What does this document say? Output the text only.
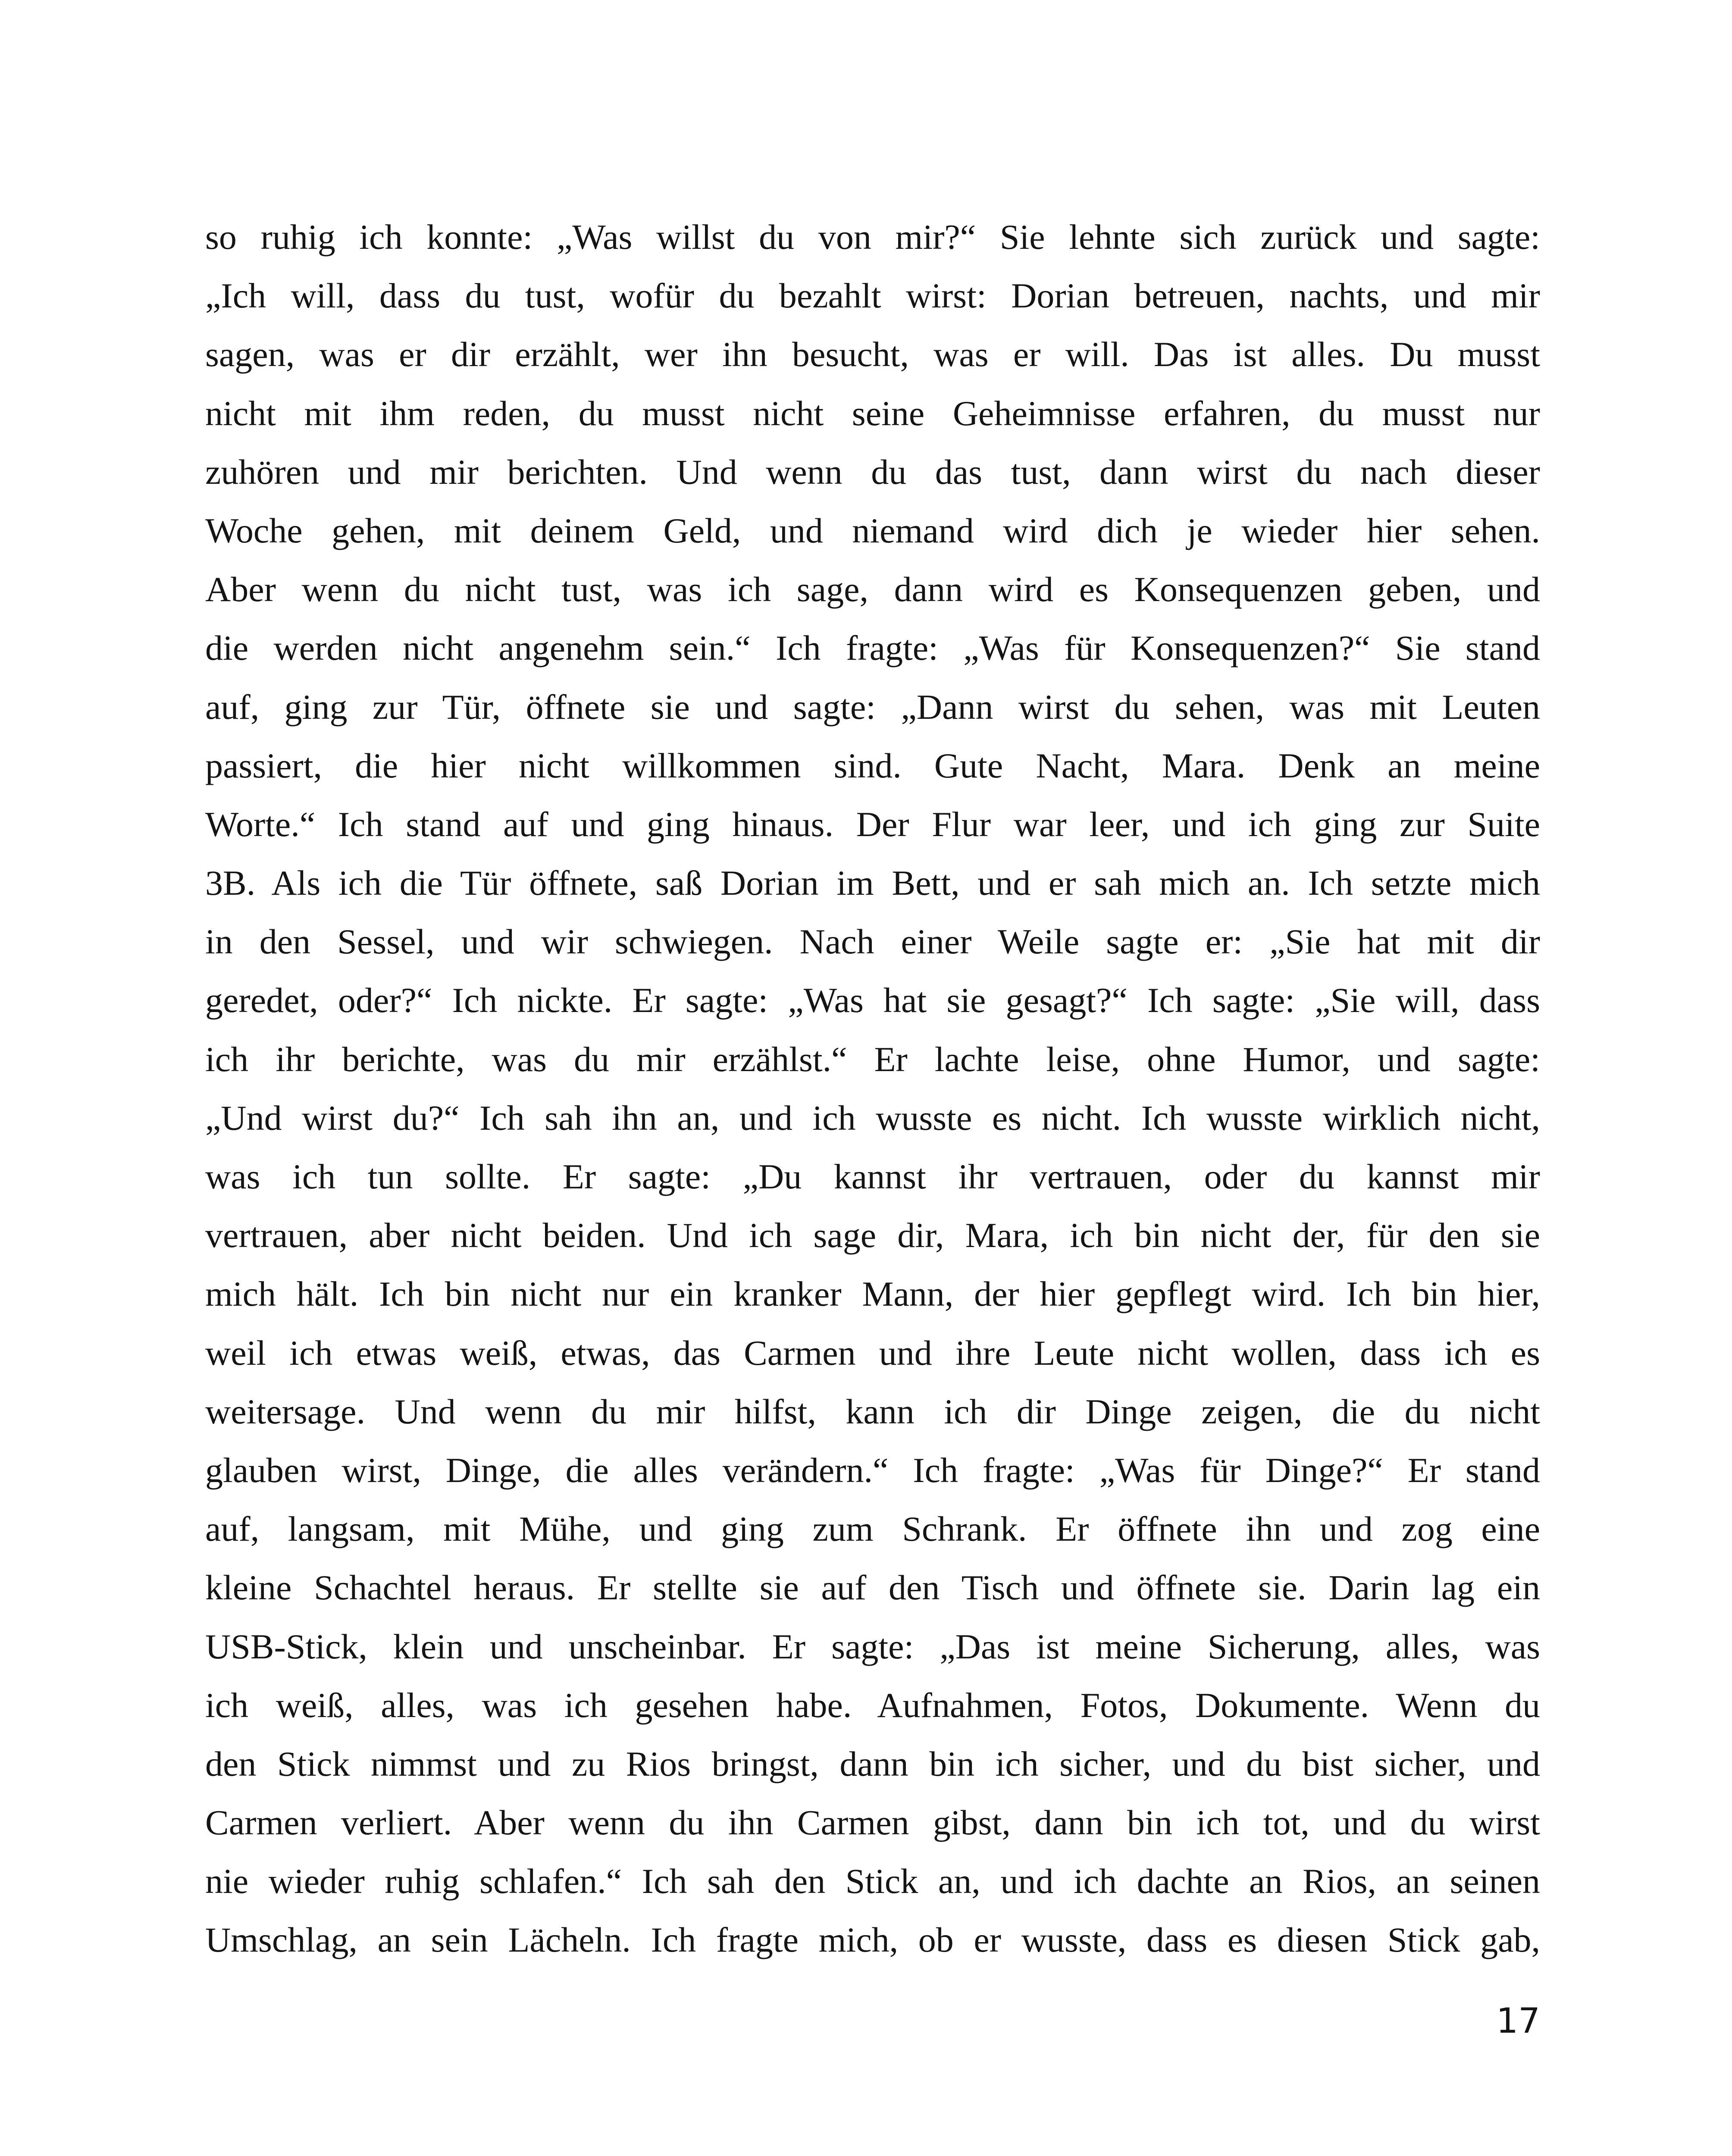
so ruhig ich konnte: „Was willst du von mir?“ Sie lehnte sich zurück und sagte:
„Ich will, dass du tust, wofür du bezahlt wirst: Dorian betreuen, nachts, und mir
sagen, was er dir erzählt, wer ihn besucht, was er will. Das ist alles. Du musst
nicht mit ihm reden, du musst nicht seine Geheimnisse erfahren, du musst nur
zuhören und mir berichten. Und wenn du das tust, dann wirst du nach dieser
Woche gehen, mit deinem Geld, und niemand wird dich je wieder hier sehen.
Aber wenn du nicht tust, was ich sage, dann wird es Konsequenzen geben, und
die werden nicht angenehm sein.“ Ich fragte: „Was für Konsequenzen?“ Sie stand
auf, ging zur Tür, öffnete sie und sagte: „Dann wirst du sehen, was mit Leuten
passiert, die hier nicht willkommen sind. Gute Nacht, Mara. Denk an meine
Worte.“ Ich stand auf und ging hinaus. Der Flur war leer, und ich ging zur Suite
3B. Als ich die Tür öffnete, saß Dorian im Bett, und er sah mich an. Ich setzte mich
in den Sessel, und wir schwiegen. Nach einer Weile sagte er: „Sie hat mit dir
geredet, oder?“ Ich nickte. Er sagte: „Was hat sie gesagt?“ Ich sagte: „Sie will, dass
ich ihr berichte, was du mir erzählst.“ Er lachte leise, ohne Humor, und sagte:
„Und wirst du?“ Ich sah ihn an, und ich wusste es nicht. Ich wusste wirklich nicht,
was ich tun sollte. Er sagte: „Du kannst ihr vertrauen, oder du kannst mir
vertrauen, aber nicht beiden. Und ich sage dir, Mara, ich bin nicht der, für den sie
mich hält. Ich bin nicht nur ein kranker Mann, der hier gepflegt wird. Ich bin hier,
weil ich etwas weiß, etwas, das Carmen und ihre Leute nicht wollen, dass ich es
weitersage. Und wenn du mir hilfst, kann ich dir Dinge zeigen, die du nicht
glauben wirst, Dinge, die alles verändern.“ Ich fragte: „Was für Dinge?“ Er stand
auf, langsam, mit Mühe, und ging zum Schrank. Er öffnete ihn und zog eine
kleine Schachtel heraus. Er stellte sie auf den Tisch und öffnete sie. Darin lag ein
USB-Stick, klein und unscheinbar. Er sagte: „Das ist meine Sicherung, alles, was
ich weiß, alles, was ich gesehen habe. Aufnahmen, Fotos, Dokumente. Wenn du
den Stick nimmst und zu Rios bringst, dann bin ich sicher, und du bist sicher, und
Carmen verliert. Aber wenn du ihn Carmen gibst, dann bin ich tot, und du wirst
nie wieder ruhig schlafen.“ Ich sah den Stick an, und ich dachte an Rios, an seinen
Umschlag, an sein Lächeln. Ich fragte mich, ob er wusste, dass es diesen Stick gab,
17
